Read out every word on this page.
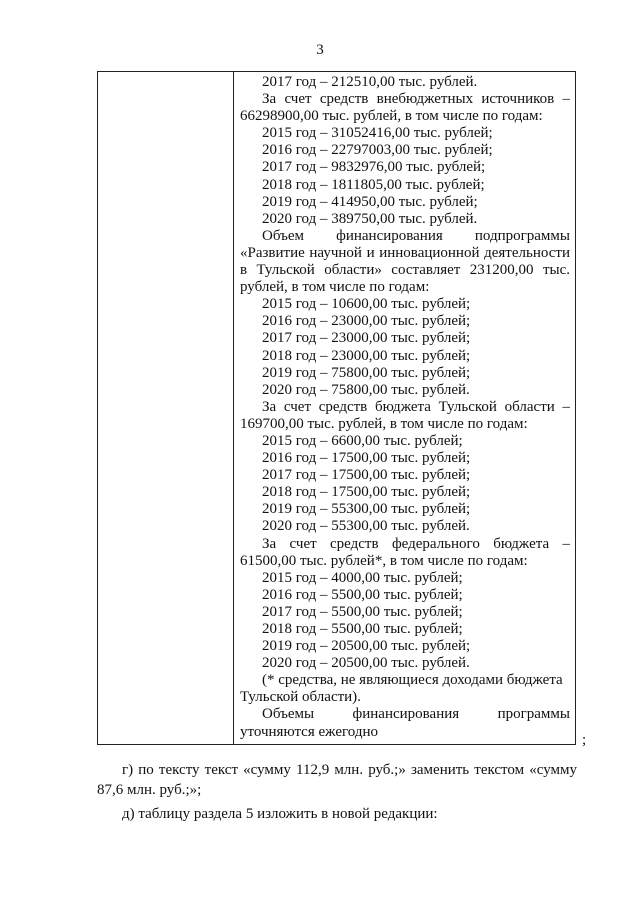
3
2017 год – 212510,00 тыс. рублей.
За счет средств внебюджетных источников –
66298900,00 тыс. рублей, в том числе по годам:
2015 год – 31052416,00 тыс. рублей;
2016 год – 22797003,00 тыс. рублей;
2017 год – 9832976,00 тыс. рублей;
2018 год – 1811805,00 тыс. рублей;
2019 год – 414950,00 тыс. рублей;
2020 год – 389750,00 тыс. рублей.
Объем финансирования подпрограммы
«Развитие научной и инновационной деятельности
в Тульской области» составляет 231200,00 тыс.
рублей, в том числе по годам:
2015 год – 10600,00 тыс. рублей;
2016 год – 23000,00 тыс. рублей;
2017 год – 23000,00 тыс. рублей;
2018 год – 23000,00 тыс. рублей;
2019 год – 75800,00 тыс. рублей;
2020 год – 75800,00 тыс. рублей.
За счет средств бюджета Тульской области –
169700,00 тыс. рублей, в том числе по годам:
2015 год – 6600,00 тыс. рублей;
2016 год – 17500,00 тыс. рублей;
2017 год – 17500,00 тыс. рублей;
2018 год – 17500,00 тыс. рублей;
2019 год – 55300,00 тыс. рублей;
2020 год – 55300,00 тыс. рублей.
За счет средств федерального бюджета –
61500,00 тыс. рублей*, в том числе по годам:
2015 год – 4000,00 тыс. рублей;
2016 год – 5500,00 тыс. рублей;
2017 год – 5500,00 тыс. рублей;
2018 год – 5500,00 тыс. рублей;
2019 год – 20500,00 тыс. рублей;
2020 год – 20500,00 тыс. рублей.
(* средства, не являющиеся доходами бюджета
Тульской области).
Объемы финансирования программы
уточняются ежегодно
;
г) по тексту текст «сумму 112,9 млн. руб.;» заменить текстом «сумму
87,6 млн. руб.;»;
д) таблицу раздела 5 изложить в новой редакции:
